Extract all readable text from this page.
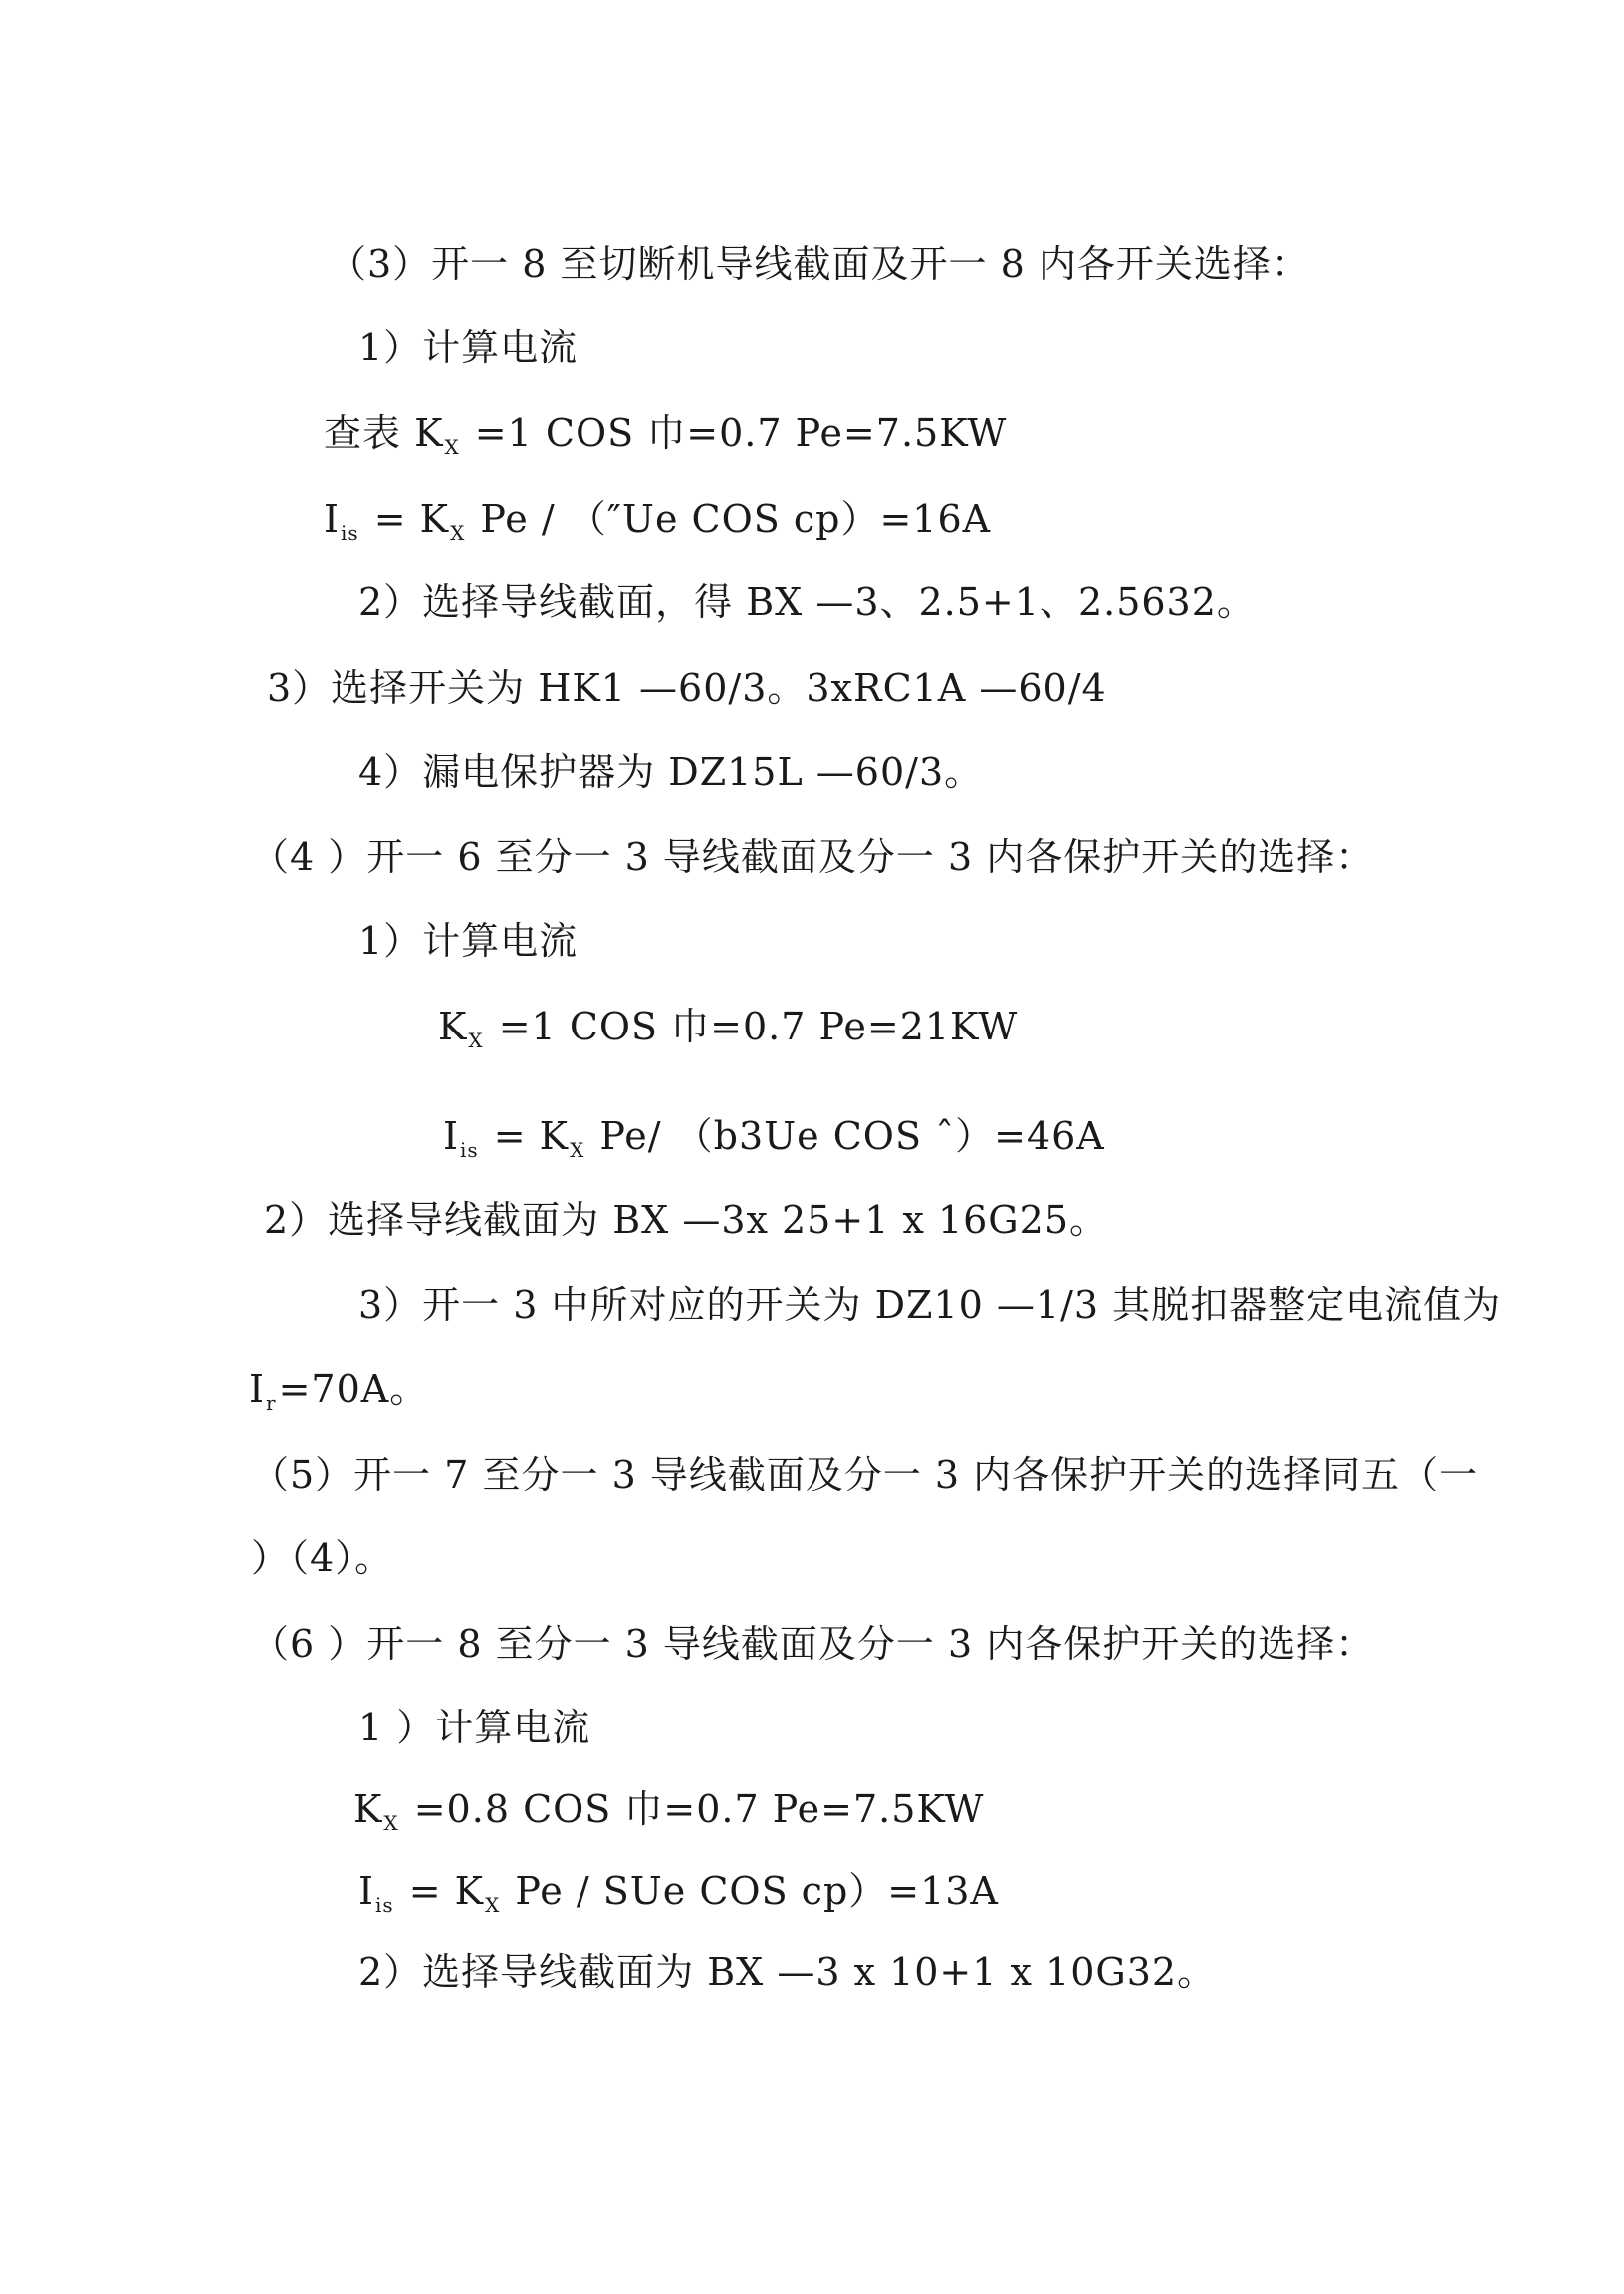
（3）开一 8 至切断机导线截面及开一 8 内各开关选择：
1）计算电流
查表 $K_X =1$ COS 巾=0.7 Pe=7.5KW
$I_{is} = K_X$ Pe / （″Ue COS cp）=16A
2）选择导线截面，得 BX —3、2.5+1、2.5632。
3）选择开关为 HK1 —60/3。3xRC1A —60/4
4）漏电保护器为 DZ15L —60/3。
（4 ）开一 6 至分一 3 导线截面及分一 3 内各保护开关的选择：
1）计算电流
$K_X =1$ COS 巾=0.7 Pe=21KW
$I_{is} = K_X$ Pe/ （b3Ue COS ˆ）=46A
2）选择导线截面为 BX —3x 25+1 x 16G25。
3）开一 3 中所对应的开关为 DZ10 —1/3 其脱扣器整定电流值为
$I_r=70A$。
（5）开一 7 至分一 3 导线截面及分一 3 内各保护开关的选择同五（一
）（4）。
（6 ）开一 8 至分一 3 导线截面及分一 3 内各保护开关的选择：
1 ）计算电流
$K_X =0.8$ COS 巾=0.7 Pe=7.5KW
$I_{is} = K_X$ Pe / SUe COS cp）=13A
2）选择导线截面为 BX —3 x 10+1 x 10G32。
